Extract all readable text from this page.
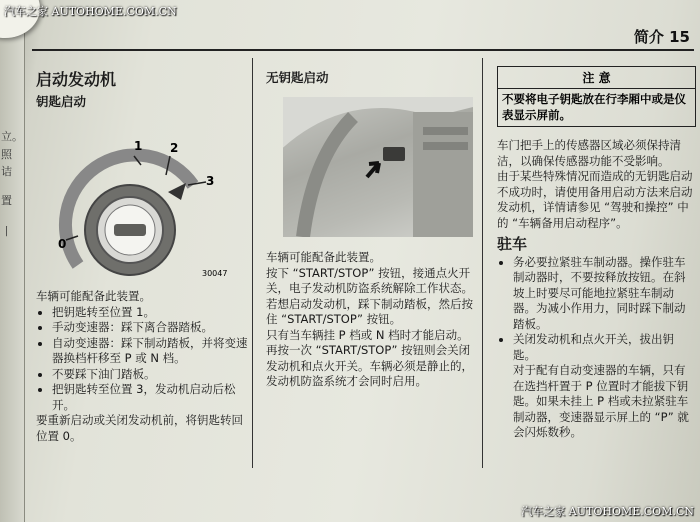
立。
照
诘
置
丨
汽车之家 AUTOHOME.COM.CN
汽车之家 AUTOHOME.COM.CN
简介 15
启动发动机
钥匙启动
1 2
3
0
30047
车辆可能配备此装置。
• 把钥匙转至位置 1。
• 手动变速器：踩下离合器踏板。
• 自动变速器：踩下制动踏板，并将变速器换档杆移至 P 或 N 档。
• 不要踩下油门踏板。
• 把钥匙转至位置 3，发动机启动后松开。
要重新启动或关闭发动机前，将钥匙转回位置 0。
无钥匙启动
车辆可能配备此装置。
按下 “START/STOP” 按钮，接通点火开关，电子发动机防盗系统解除工作状态。
若想启动发动机，踩下制动踏板，然后按住 “START/STOP” 按钮。
只有当车辆挂 P 档或 N 档时才能启动。
再按一次 “START/STOP” 按钮则会关闭发动机和点火开关。车辆必须是静止的，发动机防盗系统才会同时启用。
注 意
不要将电子钥匙放在行李厢中或是仪表显示屏前。
车门把手上的传感器区域必须保持清洁，以确保传感器功能不受影响。
由于某些特殊情况而造成的无钥匙启动不成功时，请使用备用启动方法来启动发动机，详情请参见 “驾驶和操控” 中的 “车辆备用启动程序”。
驻车
• 务必要拉紧驻车制动器。操作驻车制动器时，不要按释放按钮。在斜坡上时要尽可能地拉紧驻车制动器。为减小作用力，同时踩下制动踏板。
• 关闭发动机和点火开关，拔出钥匙。
对于配有自动变速器的车辆，只有在选挡杆置于 P 位置时才能拔下钥匙。如果未挂上 P 档或未拉紧驻车制动器，变速器显示屏上的 “P” 就会闪烁数秒。
